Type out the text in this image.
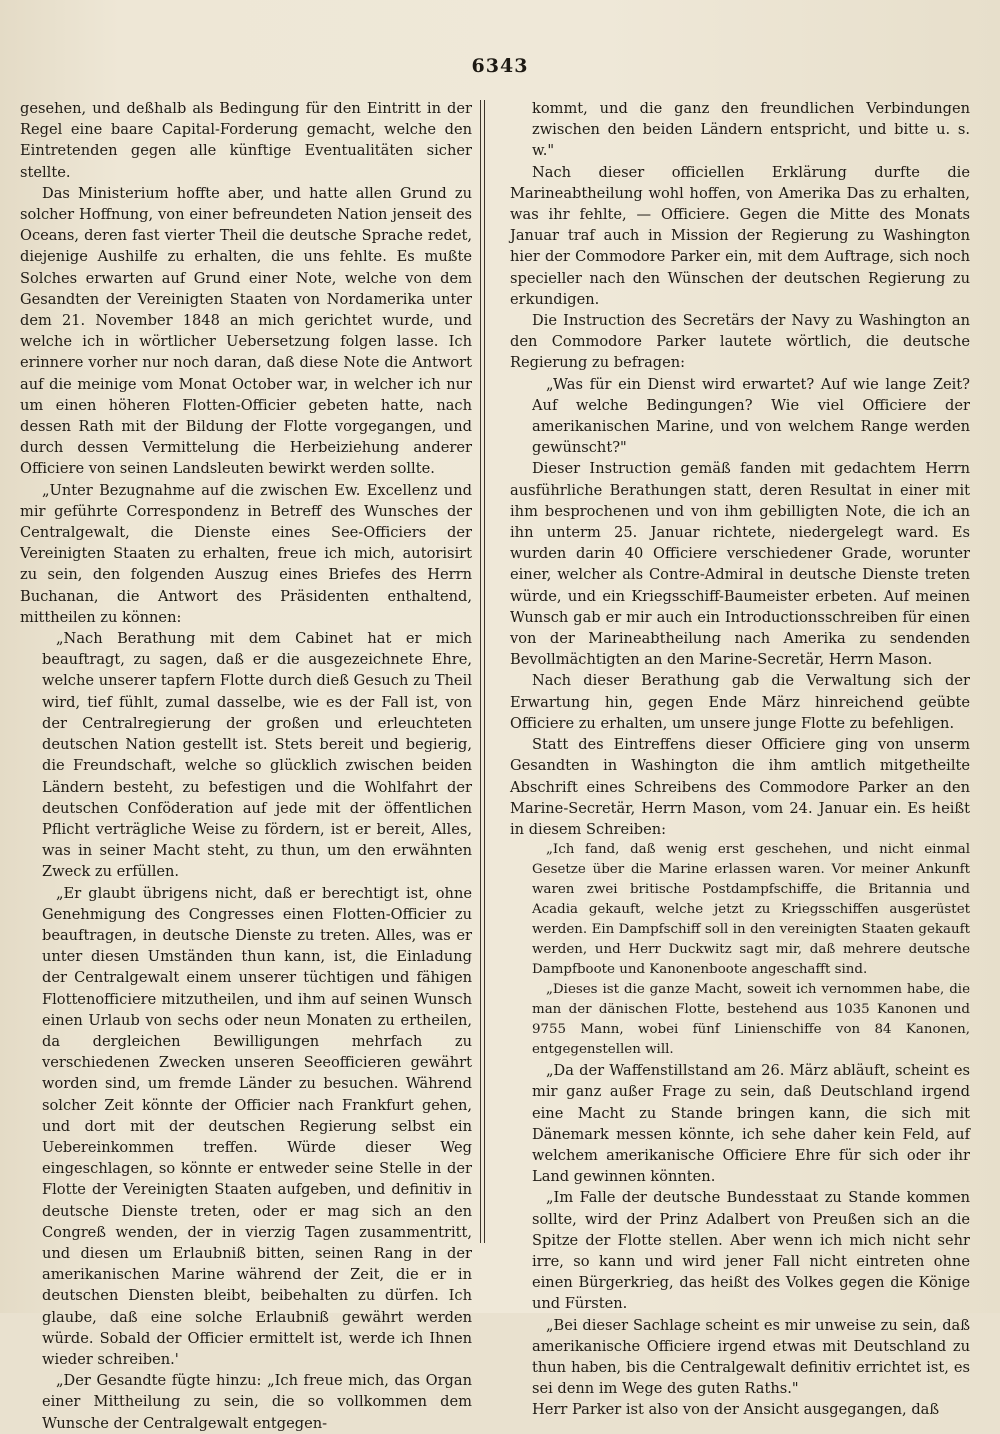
6343

gesehen, und deßhalb als Bedingung für den Eintritt in der Regel eine baare Capital-Forderung gemacht, welche den Eintretenden gegen alle künftige Eventualitäten sicher stellte.

Das Ministerium hoffte aber, und hatte allen Grund zu solcher Hoffnung, von einer befreundeten Nation jenseit des Oceans, deren fast vierter Theil die deutsche Sprache redet, diejenige Aushilfe zu erhalten, die uns fehlte. Es mußte Solches erwarten auf Grund einer Note, welche von dem Gesandten der Vereinigten Staaten von Nordamerika unter dem 21. November 1848 an mich gerichtet wurde, und welche ich in wörtlicher Uebersetzung folgen lasse. Ich erinnere vorher nur noch daran, daß diese Note die Antwort auf die meinige vom Monat October war, in welcher ich nur um einen höheren Flotten-Officier gebeten hatte, nach dessen Rath mit der Bildung der Flotte vorgegangen, und durch dessen Vermittelung die Herbeiziehung anderer Officiere von seinen Landsleuten bewirkt werden sollte.

„Unter Bezugnahme auf die zwischen Ew. Excellenz und mir geführte Correspondenz in Betreff des Wunsches der Centralgewalt, die Dienste eines See-Officiers der Vereinigten Staaten zu erhalten, freue ich mich, autorisirt zu sein, den folgenden Auszug eines Briefes des Herrn Buchanan, die Antwort des Präsidenten enthaltend, mittheilen zu können:

„Nach Berathung mit dem Cabinet hat er mich beauftragt, zu sagen, daß er die ausgezeichnete Ehre, welche unserer tapfern Flotte durch dieß Gesuch zu Theil wird, tief fühlt, zumal dasselbe, wie es der Fall ist, von der Centralregierung der großen und erleuchteten deutschen Nation gestellt ist. Stets bereit und begierig, die Freundschaft, welche so glücklich zwischen beiden Ländern besteht, zu befestigen und die Wohlfahrt der deutschen Conföderation auf jede mit der öffentlichen Pflicht verträgliche Weise zu fördern, ist er bereit, Alles, was in seiner Macht steht, zu thun, um den erwähnten Zweck zu erfüllen.

„Er glaubt übrigens nicht, daß er berechtigt ist, ohne Genehmigung des Congresses einen Flotten-Officier zu beauftragen, in deutsche Dienste zu treten. Alles, was er unter diesen Umständen thun kann, ist, die Einladung der Centralgewalt einem unserer tüchtigen und fähigen Flottenofficiere mitzutheilen, und ihm auf seinen Wunsch einen Urlaub von sechs oder neun Monaten zu ertheilen, da dergleichen Bewilligungen mehrfach zu verschiedenen Zwecken unseren Seeofficieren gewährt worden sind, um fremde Länder zu besuchen. Während solcher Zeit könnte der Officier nach Frankfurt gehen, und dort mit der deutschen Regierung selbst ein Uebereinkommen treffen. Würde dieser Weg eingeschlagen, so könnte er entweder seine Stelle in der Flotte der Vereinigten Staaten aufgeben, und definitiv in deutsche Dienste treten, oder er mag sich an den Congreß wenden, der in vierzig Tagen zusammentritt, und diesen um Erlaubniß bitten, seinen Rang in der amerikanischen Marine während der Zeit, die er in deutschen Diensten bleibt, beibehalten zu dürfen. Ich glaube, daß eine solche Erlaubniß gewährt werden würde. Sobald der Officier ermittelt ist, werde ich Ihnen wieder schreiben.'

„Der Gesandte fügte hinzu: „Ich freue mich, das Organ einer Mittheilung zu sein, die so vollkommen dem Wunsche der Centralgewalt entgegen-

kommt, und die ganz den freundlichen Verbindungen zwischen den beiden Ländern entspricht, und bitte u. s. w."

Nach dieser officiellen Erklärung durfte die Marineabtheilung wohl hoffen, von Amerika Das zu erhalten, was ihr fehlte, — Officiere. Gegen die Mitte des Monats Januar traf auch in Mission der Regierung zu Washington hier der Commodore Parker ein, mit dem Auftrage, sich noch specieller nach den Wünschen der deutschen Regierung zu erkundigen.

Die Instruction des Secretärs der Navy zu Washington an den Commodore Parker lautete wörtlich, die deutsche Regierung zu befragen:

„Was für ein Dienst wird erwartet? Auf wie lange Zeit? Auf welche Bedingungen? Wie viel Officiere der amerikanischen Marine, und von welchem Range werden gewünscht?"

Dieser Instruction gemäß fanden mit gedachtem Herrn ausführliche Berathungen statt, deren Resultat in einer mit ihm besprochenen und von ihm gebilligten Note, die ich an ihn unterm 25. Januar richtete, niedergelegt ward. Es wurden darin 40 Officiere verschiedener Grade, worunter einer, welcher als Contre-Admiral in deutsche Dienste treten würde, und ein Kriegsschiff-Baumeister erbeten. Auf meinen Wunsch gab er mir auch ein Introductionsschreiben für einen von der Marineabtheilung nach Amerika zu sendenden Bevollmächtigten an den Marine-Secretär, Herrn Mason.

Nach dieser Berathung gab die Verwaltung sich der Erwartung hin, gegen Ende März hinreichend geübte Officiere zu erhalten, um unsere junge Flotte zu befehligen.

Statt des Eintreffens dieser Officiere ging von unserm Gesandten in Washington die ihm amtlich mitgetheilte Abschrift eines Schreibens des Commodore Parker an den Marine-Secretär, Herrn Mason, vom 24. Januar ein. Es heißt in diesem Schreiben:

„Ich fand, daß wenig erst geschehen, und nicht einmal Gesetze über die Marine erlassen waren. Vor meiner Ankunft waren zwei britische Postdampfschiffe, die Britannia und Acadia gekauft, welche jetzt zu Kriegsschiffen ausgerüstet werden. Ein Dampfschiff soll in den vereinigten Staaten gekauft werden, und Herr Duckwitz sagt mir, daß mehrere deutsche Dampfboote und Kanonenboote angeschafft sind.

„Dieses ist die ganze Macht, soweit ich vernommen habe, die man der dänischen Flotte, bestehend aus 1035 Kanonen und 9755 Mann, wobei fünf Linienschiffe von 84 Kanonen, entgegenstellen will.

„Da der Waffenstillstand am 26. März abläuft, scheint es mir ganz außer Frage zu sein, daß Deutschland irgend eine Macht zu Stande bringen kann, die sich mit Dänemark messen könnte, ich sehe daher kein Feld, auf welchem amerikanische Officiere Ehre für sich oder ihr Land gewinnen könnten.

„Im Falle der deutsche Bundesstaat zu Stande kommen sollte, wird der Prinz Adalbert von Preußen sich an die Spitze der Flotte stellen. Aber wenn ich mich nicht sehr irre, so kann und wird jener Fall nicht eintreten ohne einen Bürgerkrieg, das heißt des Volkes gegen die Könige und Fürsten.

„Bei dieser Sachlage scheint es mir unweise zu sein, daß amerikanische Officiere irgend etwas mit Deutschland zu thun haben, bis die Centralgewalt definitiv errichtet ist, es sei denn im Wege des guten Raths."

Herr Parker ist also von der Ansicht ausgegangen, daß
